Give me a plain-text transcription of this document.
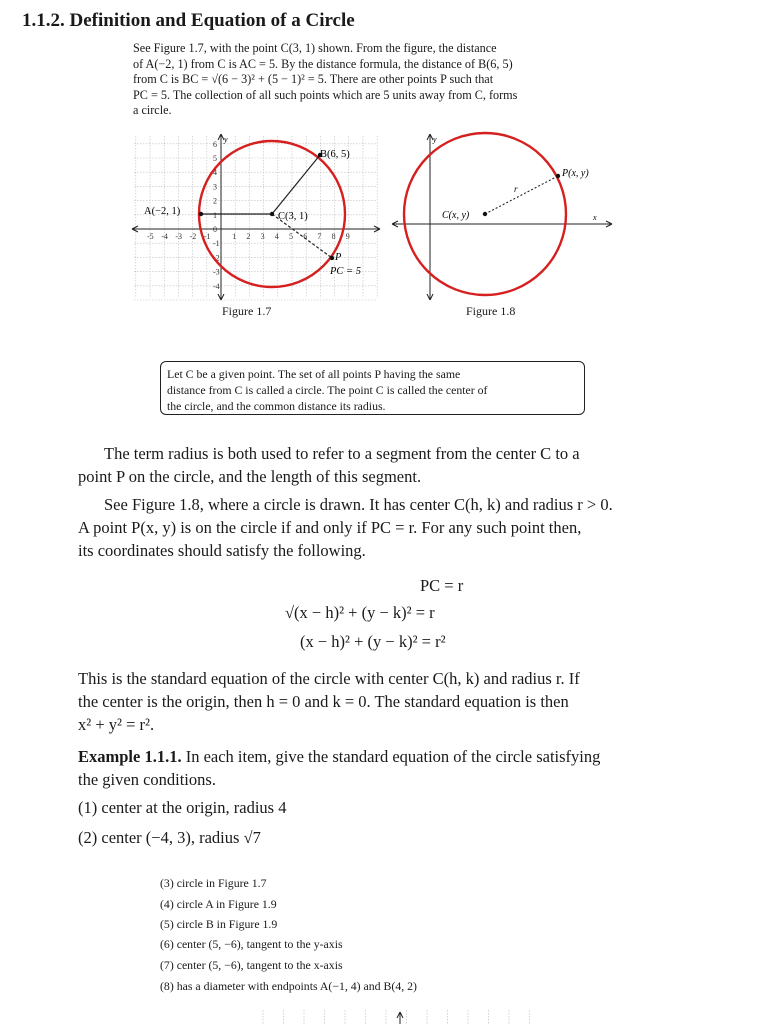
1.1.2. Definition and Equation of a Circle
See Figure 1.7, with the point C(3, 1) shown. From the figure, the distance
of A(−2, 1) from C is AC = 5. By the distance formula, the distance of B(6, 5)
from C is BC = √(6 − 3)² + (5 − 1)² = 5. There are other points P such that
PC = 5. The collection of all such points which are 5 units away from C, forms
a circle.
-5 -4 -3 -2 -1	1 2 3 4 5 6 7 8 9
6
5
4
3
2
1
0
-1
-2
-3
-4
B(6, 5)
A(−2, 1)	C(3, 1)
P
PC = 5
y
Figure 1.7
C(x, y)
P(x, y)
r
y
x
Figure 1.8
Let C be a given point. The set of all points P having the same
distance from C is called a circle. The point C is called the center of
the circle, and the common distance its radius.
The term radius is both used to refer to a segment from the center C to a
point P on the circle, and the length of this segment.
See Figure 1.8, where a circle is drawn. It has center C(h, k) and radius r > 0.
A point P(x, y) is on the circle if and only if PC = r. For any such point then,
its coordinates should satisfy the following.
PC = r
√(x − h)² + (y − k)² = r
(x − h)² + (y − k)² = r²
This is the standard equation of the circle with center C(h, k) and radius r. If
the center is the origin, then h = 0 and k = 0. The standard equation is then
x² + y² = r².
Example 1.1.1. In each item, give the standard equation of the circle satisfying
the given conditions.
(1) center at the origin, radius 4
(2) center (−4, 3), radius √7
(3) circle in Figure 1.7
(4) circle A in Figure 1.9
(5) circle B in Figure 1.9
(6) center (5, −6), tangent to the y-axis
(7) center (5, −6), tangent to the x-axis
(8) has a diameter with endpoints A(−1, 4) and B(4, 2)
